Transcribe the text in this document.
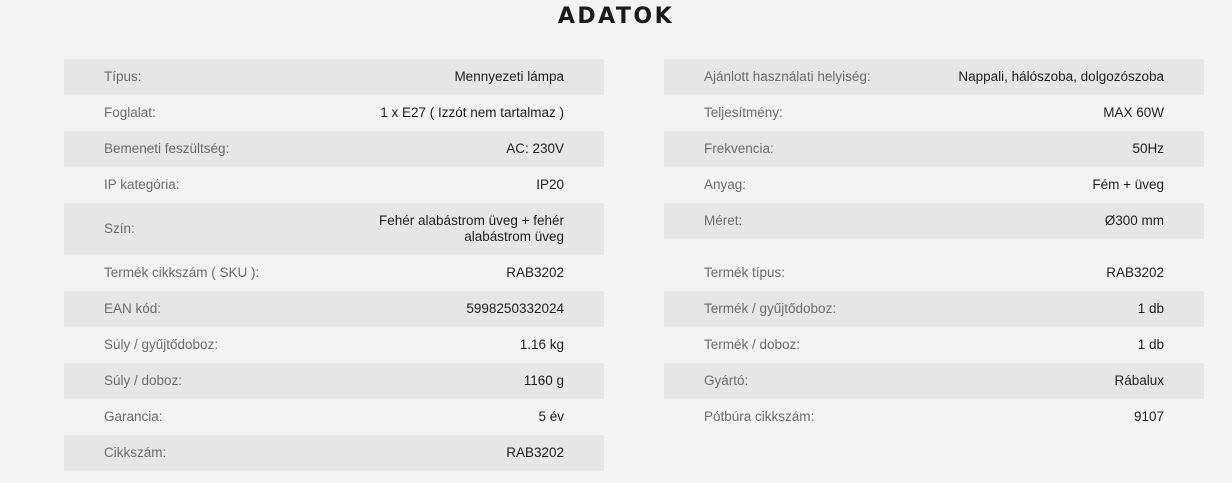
ADATOK
Típus:	Mennyezeti lámpa
Foglalat:	1 x E27 ( Izzót nem tartalmaz )
Bemeneti feszültség:	AC: 230V
IP kategória:	IP20
Szín:
Fehér alabástrom üveg + fehér alabástrom üveg
Termék cikkszám ( SKU ):	RAB3202
EAN kód:	5998250332024
Súly / gyűjtődoboz:	1.16 kg
Súly / doboz:	1160 g
Garancia:	5 év
Cikkszám:	RAB3202
Ajánlott használati helyiség:	Nappali, hálószoba, dolgozószoba
Teljesítmény:	MAX 60W
Frekvencia:	50Hz
Anyag:	Fém + üveg
Méret:	Ø300 mm
Termék típus:	RAB3202
Termék / gyűjtődoboz:	1 db
Termék / doboz:	1 db
Gyártó:	Rábalux
Pótbúra cikkszám:	9107
